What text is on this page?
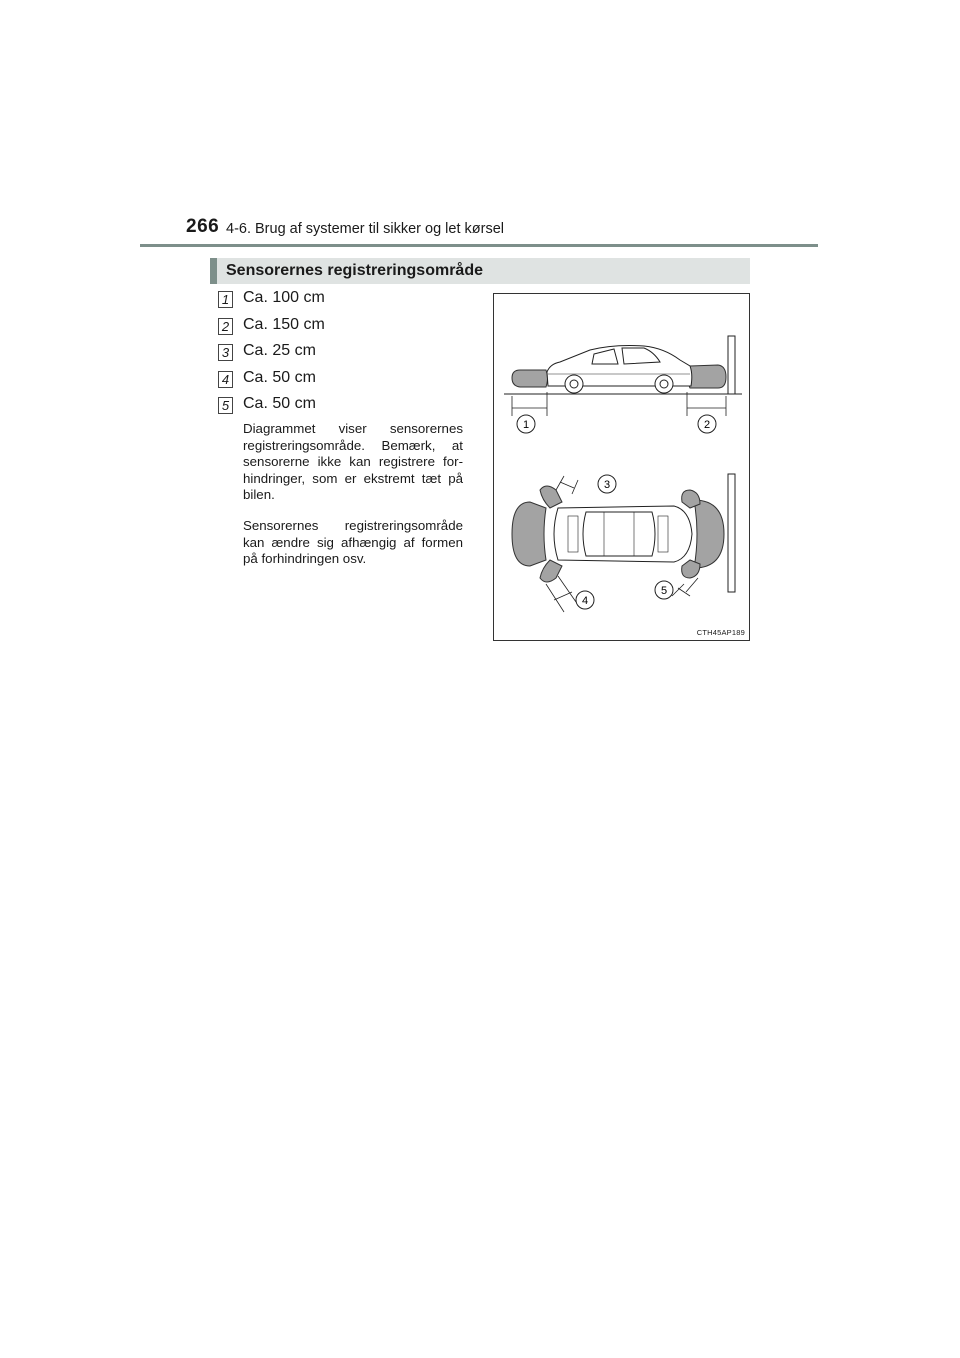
266 4-6. Brug af systemer til sikker og let kørsel
Sensorernes registreringsområde
1 Ca. 100 cm
2 Ca. 150 cm
3 Ca. 25 cm
4 Ca. 50 cm
5 Ca. 50 cm

Diagrammet viser sensorernes registreringsområde. Bemærk, at sensorerne ikke kan registrere for-hindringer, som er ekstremt tæt på bilen.

Sensorernes registreringsområde kan ændre sig afhængig af formen på forhindringen osv.

1	2
3
4
5
CTH45AP189
